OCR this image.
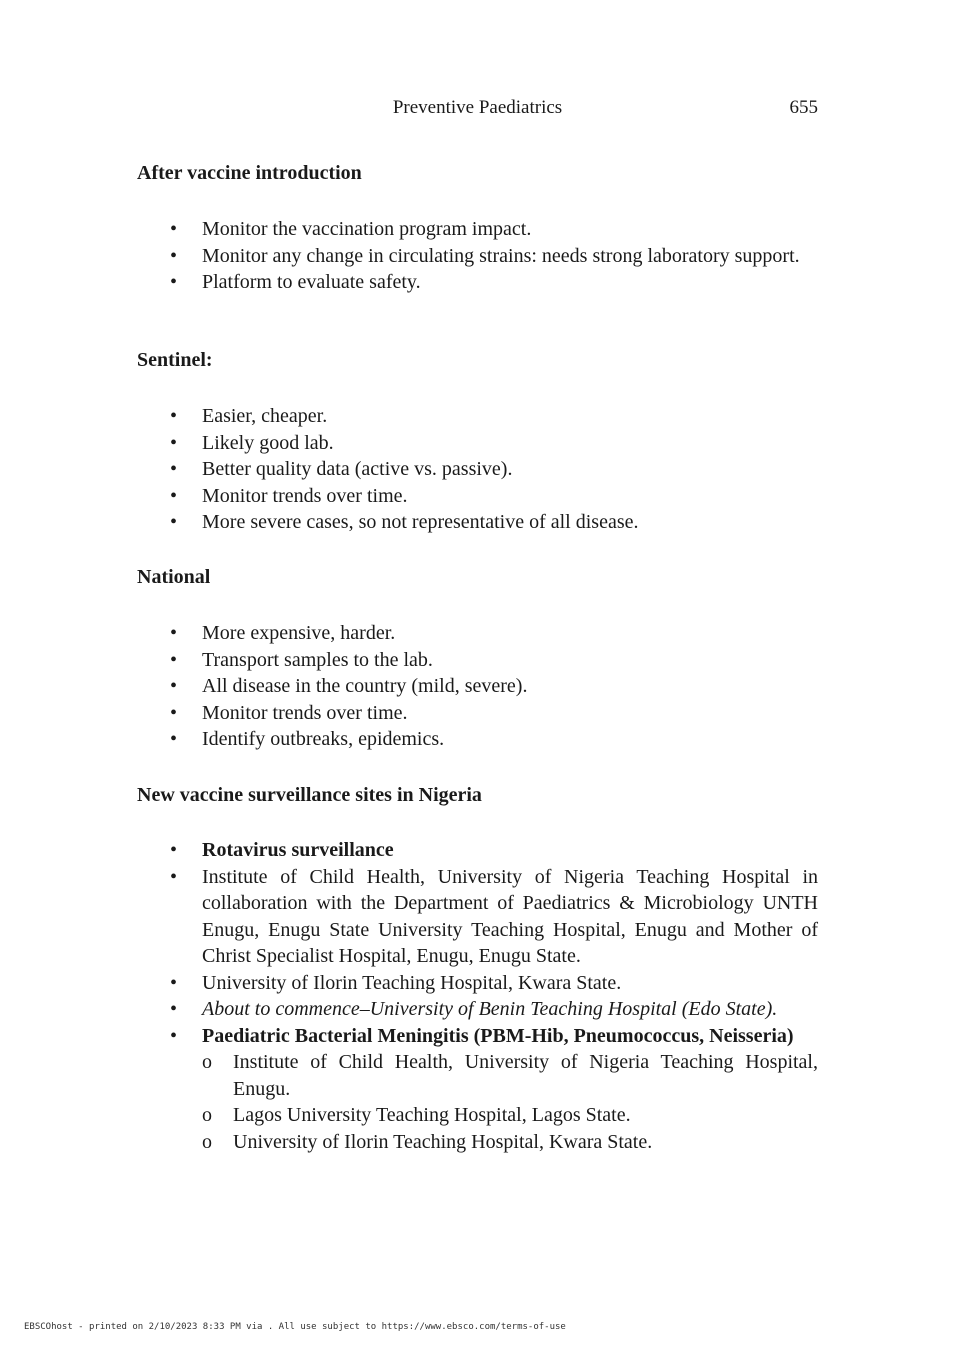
Preventive Paediatrics	655
After vaccine introduction
• Monitor the vaccination program impact.
• Monitor any change in circulating strains: needs strong laboratory support.
• Platform to evaluate safety.
Sentinel:
• Easier, cheaper.
• Likely good lab.
• Better quality data (active vs. passive).
• Monitor trends over time.
• More severe cases, so not representative of all disease.
National
• More expensive, harder.
• Transport samples to the lab.
• All disease in the country (mild, severe).
• Monitor trends over time.
• Identify outbreaks, epidemics.
New vaccine surveillance sites in Nigeria
• Rotavirus surveillance
• Institute of Child Health, University of Nigeria Teaching Hospital in collaboration with the Department of Paediatrics & Microbiology UNTH Enugu, Enugu State University Teaching Hospital, Enugu and Mother of Christ Specialist Hospital, Enugu, Enugu State.
• University of Ilorin Teaching Hospital, Kwara State.
• About to commence–University of Benin Teaching Hospital (Edo State).
• Paediatric Bacterial Meningitis (PBM-Hib, Pneumococcus, Neisseria)
o Institute of Child Health, University of Nigeria Teaching Hospital, Enugu.
o Lagos University Teaching Hospital, Lagos State.
o University of Ilorin Teaching Hospital, Kwara State.
EBSCOhost - printed on 2/10/2023 8:33 PM via . All use subject to https://www.ebsco.com/terms-of-use
